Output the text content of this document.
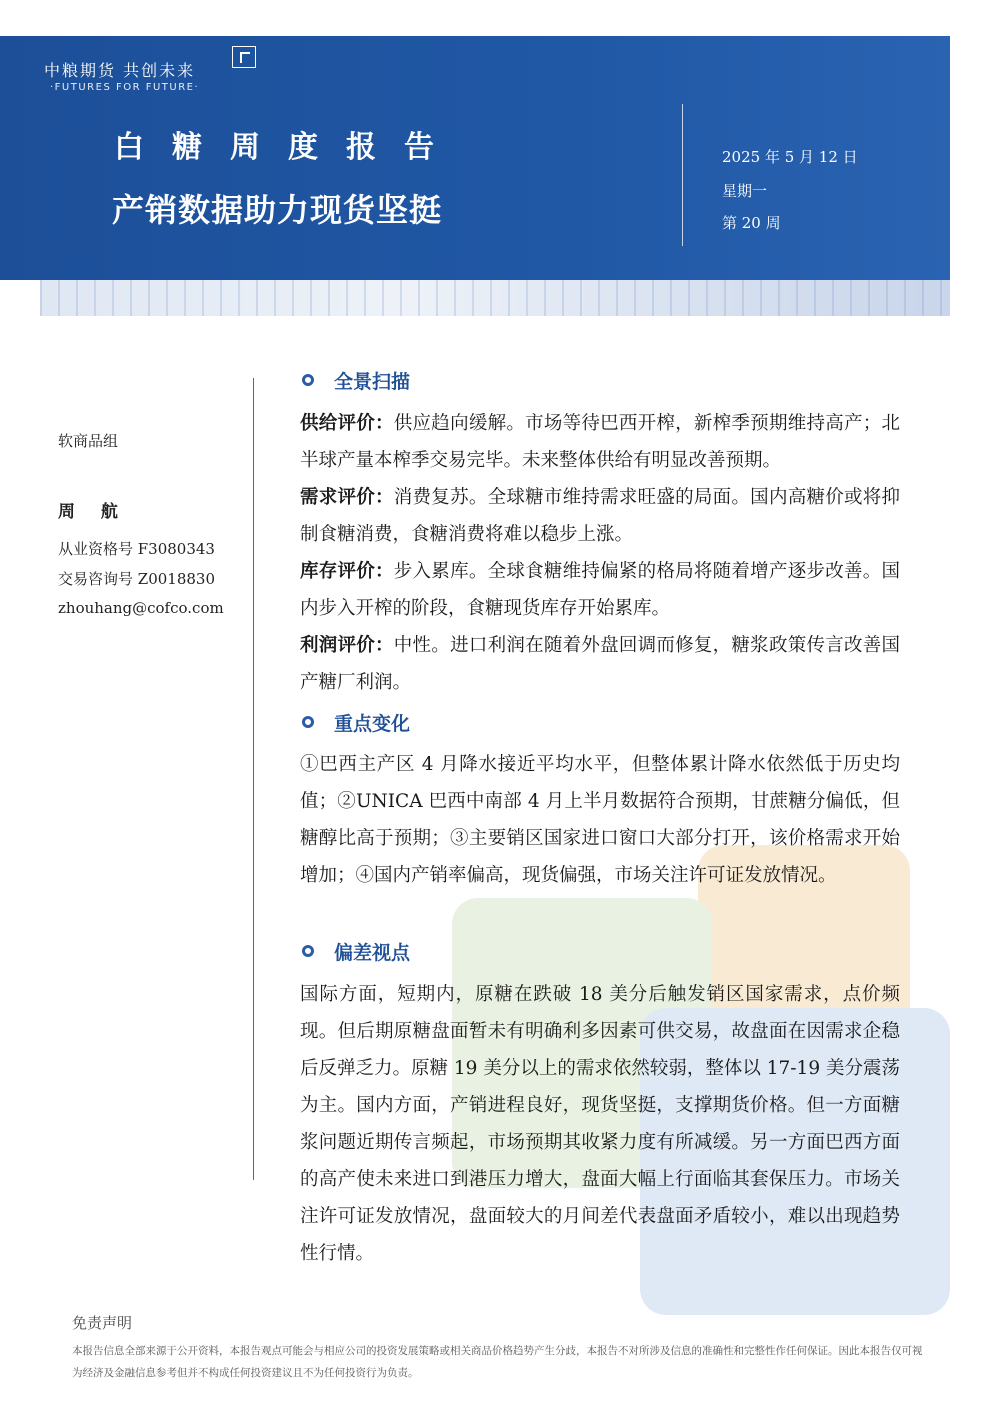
中粮期货 共创未来
·FUTURES FOR FUTURE·
白糖周度报告
产销数据助力现货坚挺
2025 年 5 月 12 日
星期一
第 20 周
软商品组
周 航
从业资格号 F3080343
交易咨询号 Z0018830
zhouhang@cofco.com
全景扫描

供给评价：供应趋向缓解。市场等待巴西开榨，新榨季预期维持高产；北半球产量本榨季交易完毕。未来整体供给有明显改善预期。

需求评价：消费复苏。全球糖市维持需求旺盛的局面。国内高糖价或将抑制食糖消费，食糖消费将难以稳步上涨。

库存评价：步入累库。全球食糖维持偏紧的格局将随着增产逐步改善。国内步入开榨的阶段，食糖现货库存开始累库。

利润评价：中性。进口利润在随着外盘回调而修复，糖浆政策传言改善国产糖厂利润。

重点变化

①巴西主产区 4 月降水接近平均水平，但整体累计降水依然低于历史均值；②UNICA 巴西中南部 4 月上半月数据符合预期，甘蔗糖分偏低，但糖醇比高于预期；③主要销区国家进口窗口大部分打开，该价格需求开始增加；④国内产销率偏高，现货偏强，市场关注许可证发放情况。

偏差视点

国际方面，短期内，原糖在跌破 18 美分后触发销区国家需求，点价频现。但后期原糖盘面暂未有明确利多因素可供交易，故盘面在因需求企稳后反弹乏力。原糖 19 美分以上的需求依然较弱，整体以 17-19 美分震荡为主。国内方面，产销进程良好，现货坚挺，支撑期货价格。但一方面糖浆问题近期传言频起，市场预期其收紧力度有所减缓。另一方面巴西方面的高产使未来进口到港压力增大，盘面大幅上行面临其套保压力。市场关注许可证发放情况，盘面较大的月间差代表盘面矛盾较小，难以出现趋势性行情。

免责声明
本报告信息全部来源于公开资料，本报告观点可能会与相应公司的投资发展策略或相关商品价格趋势产生分歧，本报告不对所涉及信息的准确性和完整性作任何保证。因此本报告仅可视为经济及金融信息参考但并不构成任何投资建议且不为任何投资行为负责。
